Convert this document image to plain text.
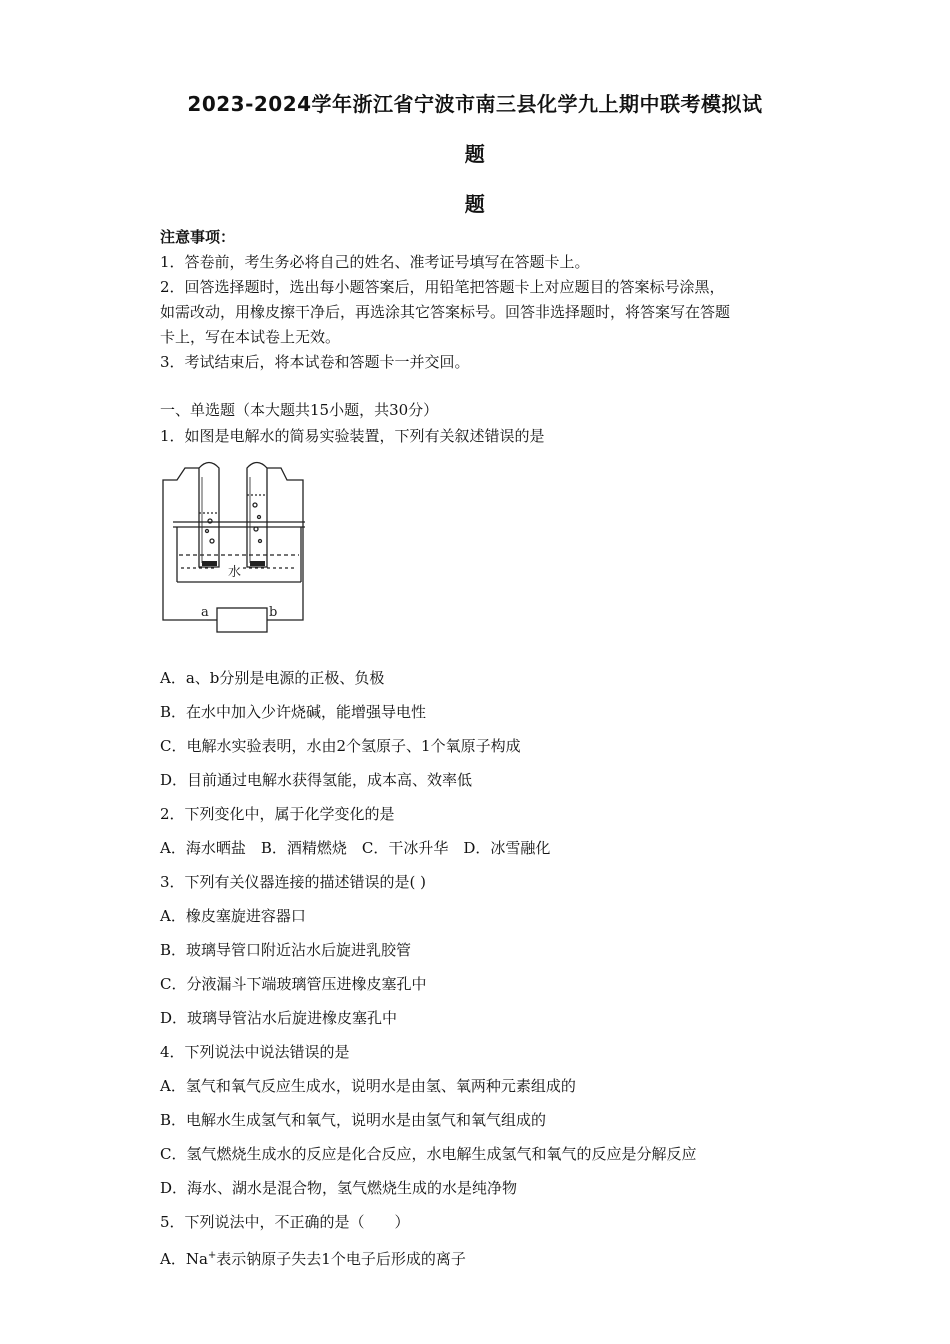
2023-2024学年浙江省宁波市南三县化学九上期中联考模拟试
题
题
注意事项：
1．答卷前，考生务必将自己的姓名、准考证号填写在答题卡上。
2．回答选择题时，选出每小题答案后，用铅笔把答题卡上对应题目的答案标号涂黑，
如需改动，用橡皮擦干净后，再选涂其它答案标号。回答非选择题时，将答案写在答题
卡上，写在本试卷上无效。
3．考试结束后，将本试卷和答题卡一并交回。
一、单选题（本大题共15小题，共30分）
1．如图是电解水的简易实验装置，下列有关叙述错误的是
水
a	b
A．a、b分别是电源的正极、负极
B．在水中加入少许烧碱，能增强导电性
C．电解水实验表明，水由2个氢原子、1个氧原子构成
D．目前通过电解水获得氢能，成本高、效率低
2．下列变化中，属于化学变化的是
A．海水晒盐　B．酒精燃烧　C．干冰升华　D．冰雪融化
3．下列有关仪器连接的描述错误的是( )
A．橡皮塞旋进容器口
B．玻璃导管口附近沾水后旋进乳胶管
C．分液漏斗下端玻璃管压进橡皮塞孔中
D．玻璃导管沾水后旋进橡皮塞孔中
4．下列说法中说法错误的是
A．氢气和氧气反应生成水，说明水是由氢、氧两种元素组成的
B．电解水生成氢气和氧气，说明水是由氢气和氧气组成的
C．氢气燃烧生成水的反应是化合反应，水电解生成氢气和氧气的反应是分解反应
D．海水、湖水是混合物，氢气燃烧生成的水是纯净物
5．下列说法中，不正确的是（　　）
A．Na+表示钠原子失去1个电子后形成的离子
